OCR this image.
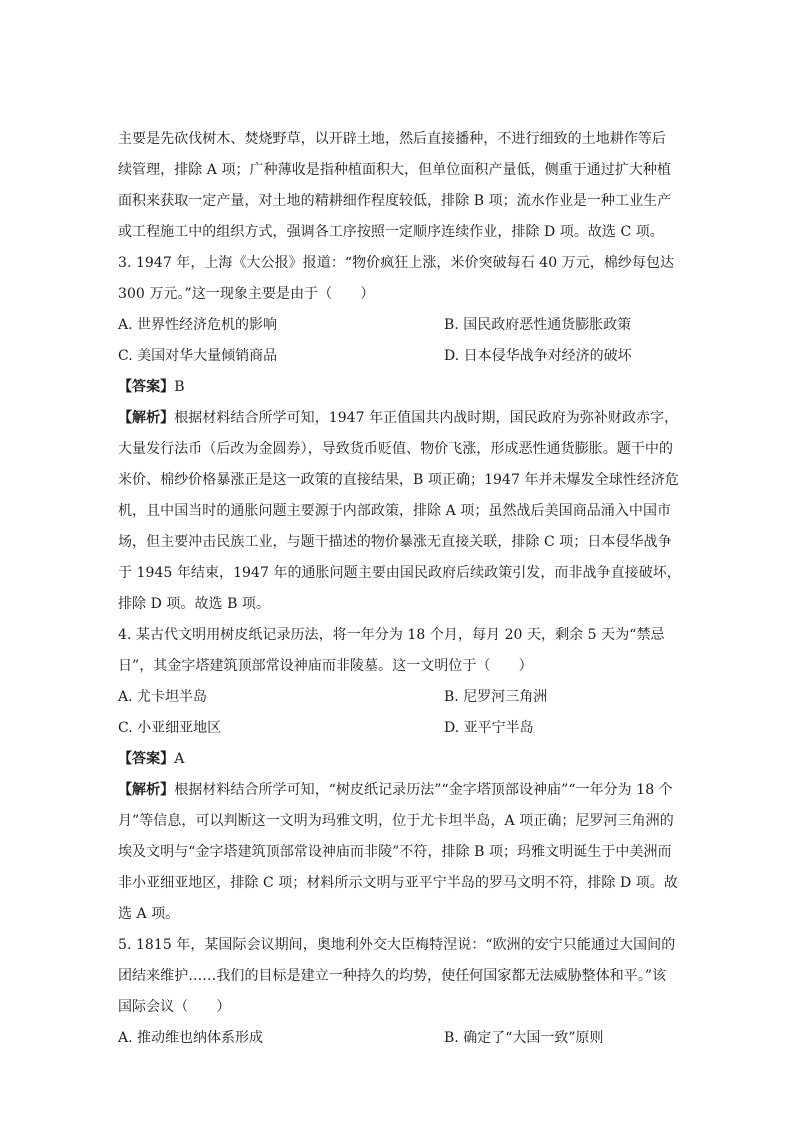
主要是先砍伐树木、焚烧野草，以开辟土地，然后直接播种，不进行细致的土地耕作等后
续管理，排除 A 项；广种薄收是指种植面积大，但单位面积产量低，侧重于通过扩大种植
面积来获取一定产量，对土地的精耕细作程度较低，排除 B 项；流水作业是一种工业生产
或工程施工中的组织方式，强调各工序按照一定顺序连续作业，排除 D 项。故选 C 项。
3. 1947 年，上海《大公报》报道：“物价疯狂上涨，米价突破每石 40 万元，棉纱每包达
300 万元。”这一现象主要是由于（　　）
A. 世界性经济危机的影响	B. 国民政府恶性通货膨胀政策
C. 美国对华大量倾销商品	D. 日本侵华战争对经济的破坏
【答案】B
【解析】根据材料结合所学可知，1947 年正值国共内战时期，国民政府为弥补财政赤字，
大量发行法币（后改为金圆券），导致货币贬值、物价飞涨，形成恶性通货膨胀。题干中的
米价、棉纱价格暴涨正是这一政策的直接结果，B 项正确；1947 年并未爆发全球性经济危
机，且中国当时的通胀问题主要源于内部政策，排除 A 项；虽然战后美国商品涌入中国市
场，但主要冲击民族工业，与题干描述的物价暴涨无直接关联，排除 C 项；日本侵华战争
于 1945 年结束，1947 年的通胀问题主要由国民政府后续政策引发，而非战争直接破坏，
排除 D 项。故选 B 项。
4. 某古代文明用树皮纸记录历法，将一年分为 18 个月，每月 20 天，剩余 5 天为“禁忌
日”，其金字塔建筑顶部常设神庙而非陵墓。这一文明位于（　　）
A. 尤卡坦半岛	B. 尼罗河三角洲
C. 小亚细亚地区	D. 亚平宁半岛
【答案】A
【解析】根据材料结合所学可知，“树皮纸记录历法”“金字塔顶部设神庙”“一年分为 18 个
月”等信息，可以判断这一文明为玛雅文明，位于尤卡坦半岛，A 项正确；尼罗河三角洲的
埃及文明与“金字塔建筑顶部常设神庙而非陵”不符，排除 B 项；玛雅文明诞生于中美洲而
非小亚细亚地区，排除 C 项；材料所示文明与亚平宁半岛的罗马文明不符，排除 D 项。故
选 A 项。
5. 1815 年，某国际会议期间，奥地利外交大臣梅特涅说：“欧洲的安宁只能通过大国间的
团结来维护……我们的目标是建立一种持久的均势，使任何国家都无法威胁整体和平。”该
国际会议（　　）
A. 推动维也纳体系形成	B. 确定了“大国一致”原则
